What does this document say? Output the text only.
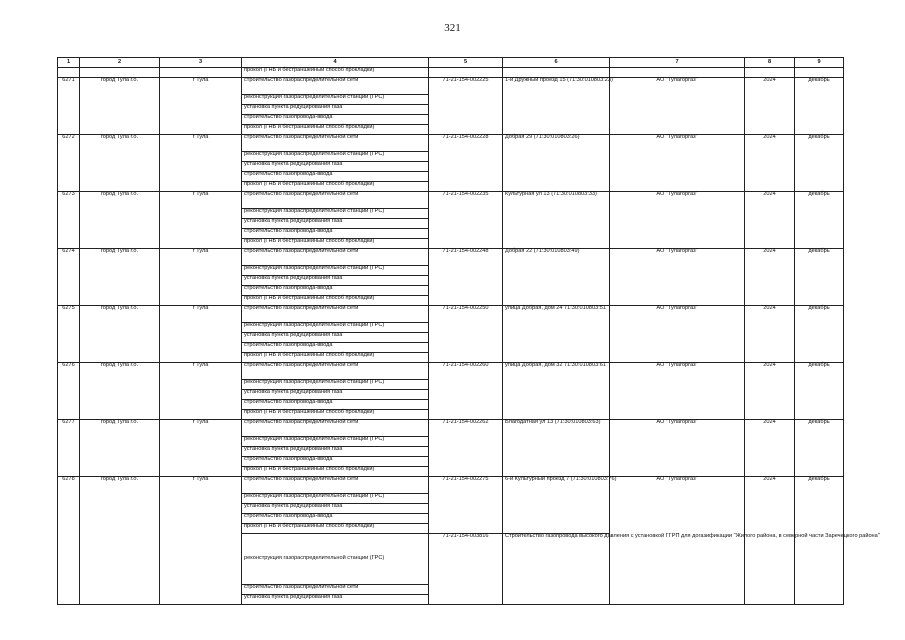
321
1	2	3	4	5	6	7	8	9
			прокол (ГНБ и бестраншейный способ прокладки)					
6271	город Тула г.о.	г Тула	строительство газораспределительной сети	71-21-154-002225	1-й Дружный проезд 15 (71:30:010803:23)	АО "Тулагоргаз"	2024	декабрь
			реконструкция газораспределительной станции (ГРС)					
			установка пункта редуцирования газа					
			строительство газопровода-ввода					
			прокол (ГНБ и бестраншейный способ прокладки)					
6272	город Тула г.о.	г Тула	строительство газораспределительной сети	71-21-154-002228	Добрая 29 (71:30:010803:26)	АО "Тулагоргаз"	2024	декабрь
			реконструкция газораспределительной станции (ГРС)					
			установка пункта редуцирования газа					
			строительство газопровода-ввода					
			прокол (ГНБ и бестраншейный способ прокладки)					
6273	город Тула г.о.	г Тула	строительство газораспределительной сети	71-21-154-002235	Культурная ул 13 (71:30:010803:33)	АО "Тулагоргаз"	2024	декабрь
			реконструкция газораспределительной станции (ГРС)					
			установка пункта редуцирования газа					
			строительство газопровода-ввода					
			прокол (ГНБ и бестраншейный способ прокладки)					
6274	город Тула г.о.	г Тула	строительство газораспределительной сети	71-21-154-002248	Добрая 22 (71:30:010803:49)	АО "Тулагоргаз"	2024	декабрь
			реконструкция газораспределительной станции (ГРС)					
			установка пункта редуцирования газа					
			строительство газопровода-ввода					
			прокол (ГНБ и бестраншейный способ прокладки)					
6275	город Тула г.о.	г Тула	строительство газораспределительной сети	71-21-154-002250	улица Добрая, дом 24 71:30:010803:51	АО "Тулагоргаз"	2024	декабрь
			реконструкция газораспределительной станции (ГРС)					
			установка пункта редуцирования газа					
			строительство газопровода-ввода					
			прокол (ГНБ и бестраншейный способ прокладки)					
6276	город Тула г.о.	г Тула	строительство газораспределительной сети	71-21-154-002260	улица Добрая, дом 32 71:30:010803:61	АО "Тулагоргаз"	2024	декабрь
			реконструкция газораспределительной станции (ГРС)					
			установка пункта редуцирования газа					
			строительство газопровода-ввода					
			прокол (ГНБ и бестраншейный способ прокладки)					
6277	город Тула г.о.	г Тула	строительство газораспределительной сети	71-21-154-002262	Благодатная ул 13 (71:30:010803:63)	АО "Тулагоргаз"	2024	декабрь
			реконструкция газораспределительной станции (ГРС)					
			установка пункта редуцирования газа					
			строительство газопровода-ввода					
			прокол (ГНБ и бестраншейный способ прокладки)					
6278	город Тула г.о.	г Тула	строительство газораспределительной сети	71-21-154-002275	6-й Культурный проезд 7 (71:30:010803:76)	АО "Тулагоргаз"	2024	декабрь
			реконструкция газораспределительной станции (ГРС)					
			установка пункта редуцирования газа					
			строительство газопровода-ввода					
			прокол (ГНБ и бестраншейный способ прокладки)					
			реконструкция газораспределительной станции (ГРС)	71-21-154-003816	Строительство газопровода высокого давления с установкой ГГРП для догазификации "Жилого района, в северной части Заречецкого района"			
			строительство газораспределительной сети					
			установка пункта редуцирования газа					
